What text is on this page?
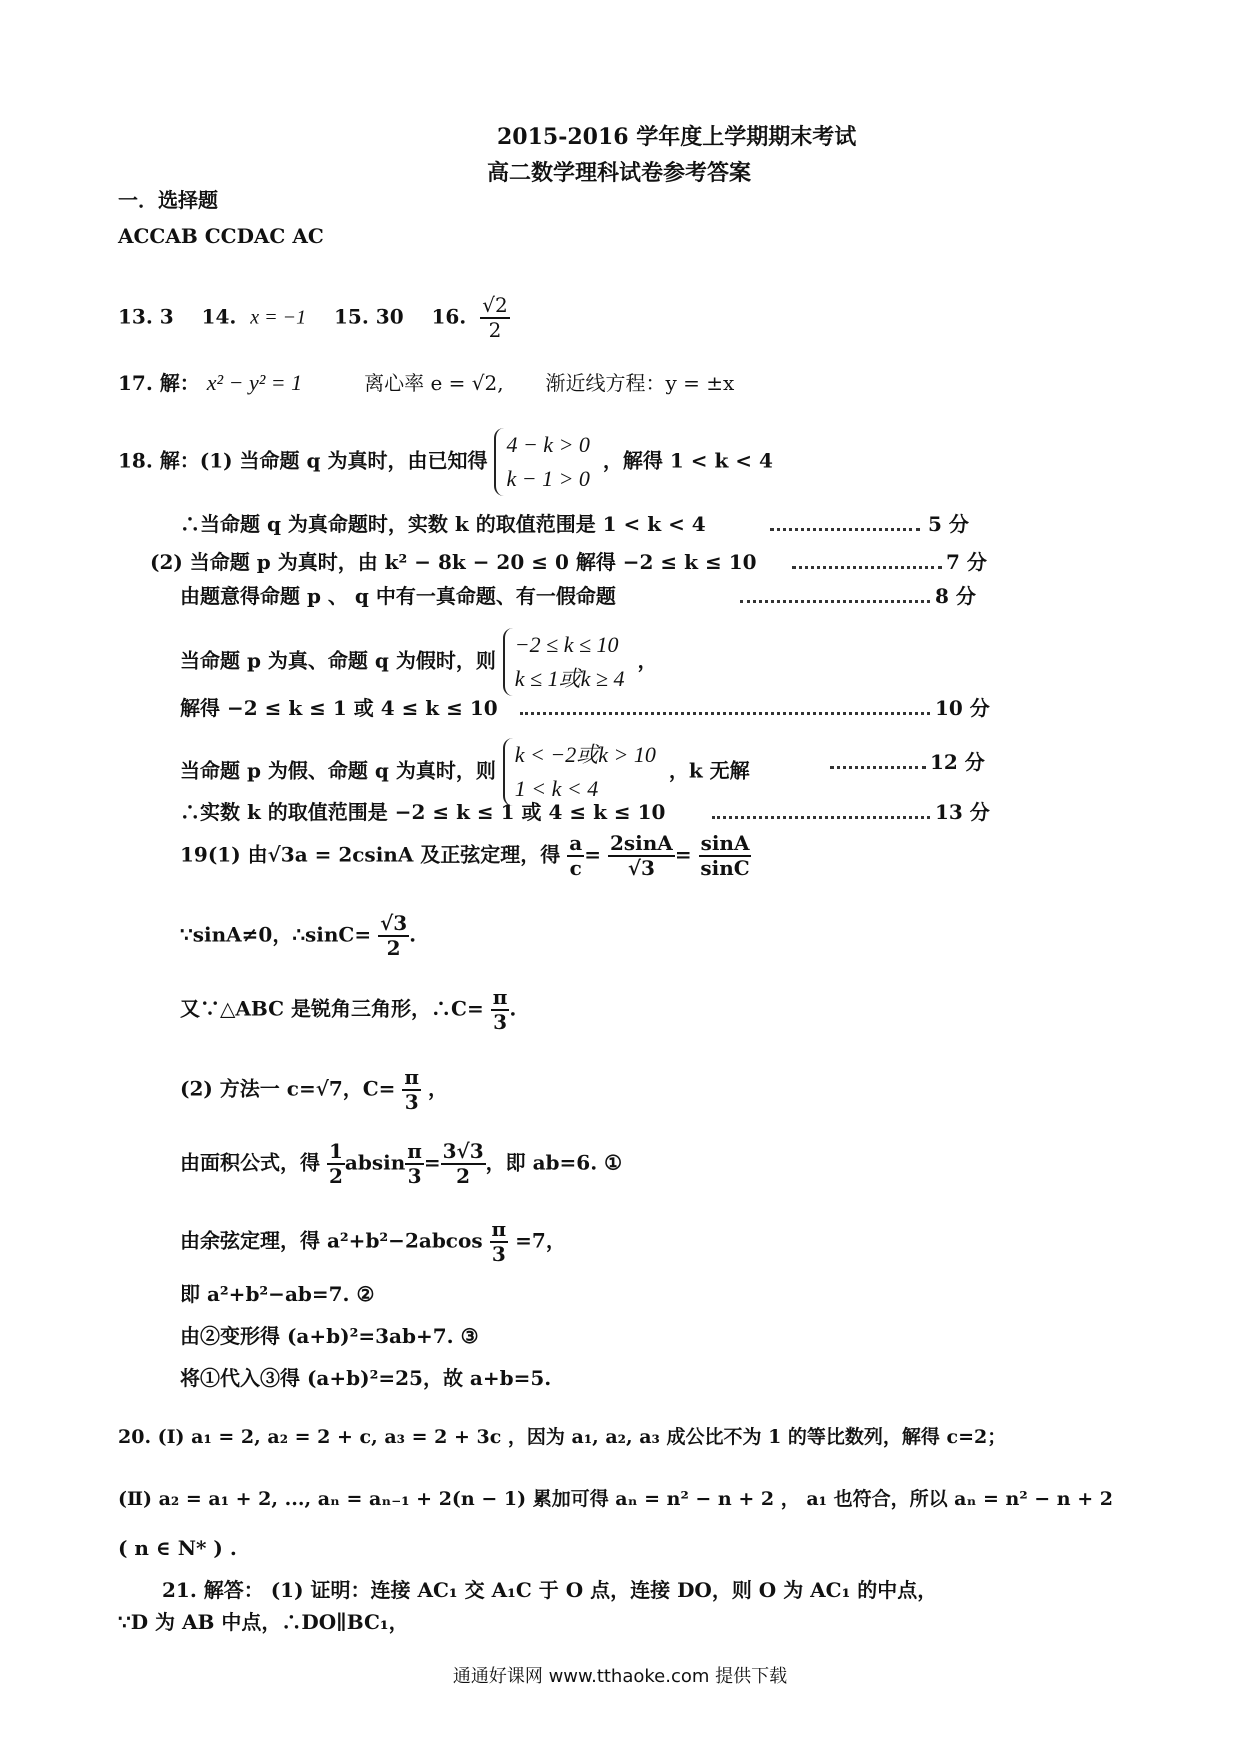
2015-2016 学年度上学期期末考试
高二数学理科试卷参考答案
一．选择题
ACCAB CCDAC AC
13. 3 14. x = −1 15. 30 16. $\frac{√2}{2}$
17. 解： x² − y² = 1	离心率 e = √2, 渐近线方程：y = ±x
18. 解：(1) 当命题 q 为真时，由已知得
4 − k > 0
k − 1 > 0
，解得 1 < k < 4
∴当命题 q 为真命题时，实数 k 的取值范围是 1 < k < 4	5 分
(2) 当命题 p 为真时，由 k² − 8k − 20 ≤ 0 解得 −2 ≤ k ≤ 10	7 分
由题意得命题 p 、 q 中有一真命题、有一假命题	8 分
当命题 p 为真、命题 q 为假时，则
−2 ≤ k ≤ 10
k ≤ 1或k ≥ 4
，
解得 −2 ≤ k ≤ 1 或 4 ≤ k ≤ 10	10 分
当命题 p 为假、命题 q 为真时，则
k < −2或k > 10
1 < k < 4
，k 无解	12 分
∴实数 k 的取值范围是 −2 ≤ k ≤ 1 或 4 ≤ k ≤ 10	13 分
19(1) 由√3a = 2csinA 及正弦定理，得 $\frac{a}{c} = \frac{2\sin A}{√3} = \frac{\sin A}{\sin C}$
∵sinA≠0，∴sinC= $\frac{√3}{2}$ .
又∵△ABC 是锐角三角形，∴C= $\frac{\pi}{3}$ .
(2) 方法一 c=√7，$C= \frac{\pi}{3}$ ，
由面积公式，得 $\frac{1}{2}$ absin $\frac{\pi}{3} = \frac{3√3}{2}$ ，即 ab=6. ①
由余弦定理，得 $a^2+b^2-2abcos \frac{\pi}{3} =7$，
即 a²+b²−ab=7. ②
由②变形得 (a+b)²=3ab+7. ③
将①代入③得 (a+b)²=25，故 a+b=5.
20. (Ⅰ) a₁ = 2, a₂ = 2 + c, a₃ = 2 + 3c ，因为 a₁, a₂, a₃ 成公比不为 1 的等比数列，解得 c=2；
(Ⅱ) a₂ = a₁ + 2, ..., aₙ = aₙ₋₁ + 2(n − 1) 累加可得 aₙ = n² − n + 2 ， a₁ 也符合，所以 aₙ = n² − n + 2
( n ∈ N* ) .
21. 解答： (1) 证明：连接 AC₁ 交 A₁C 于 O 点，连接 DO，则 O 为 AC₁ 的中点，
∵D 为 AB 中点，∴DO∥BC₁，
通通好课网 www.tthaoke.com 提供下载
